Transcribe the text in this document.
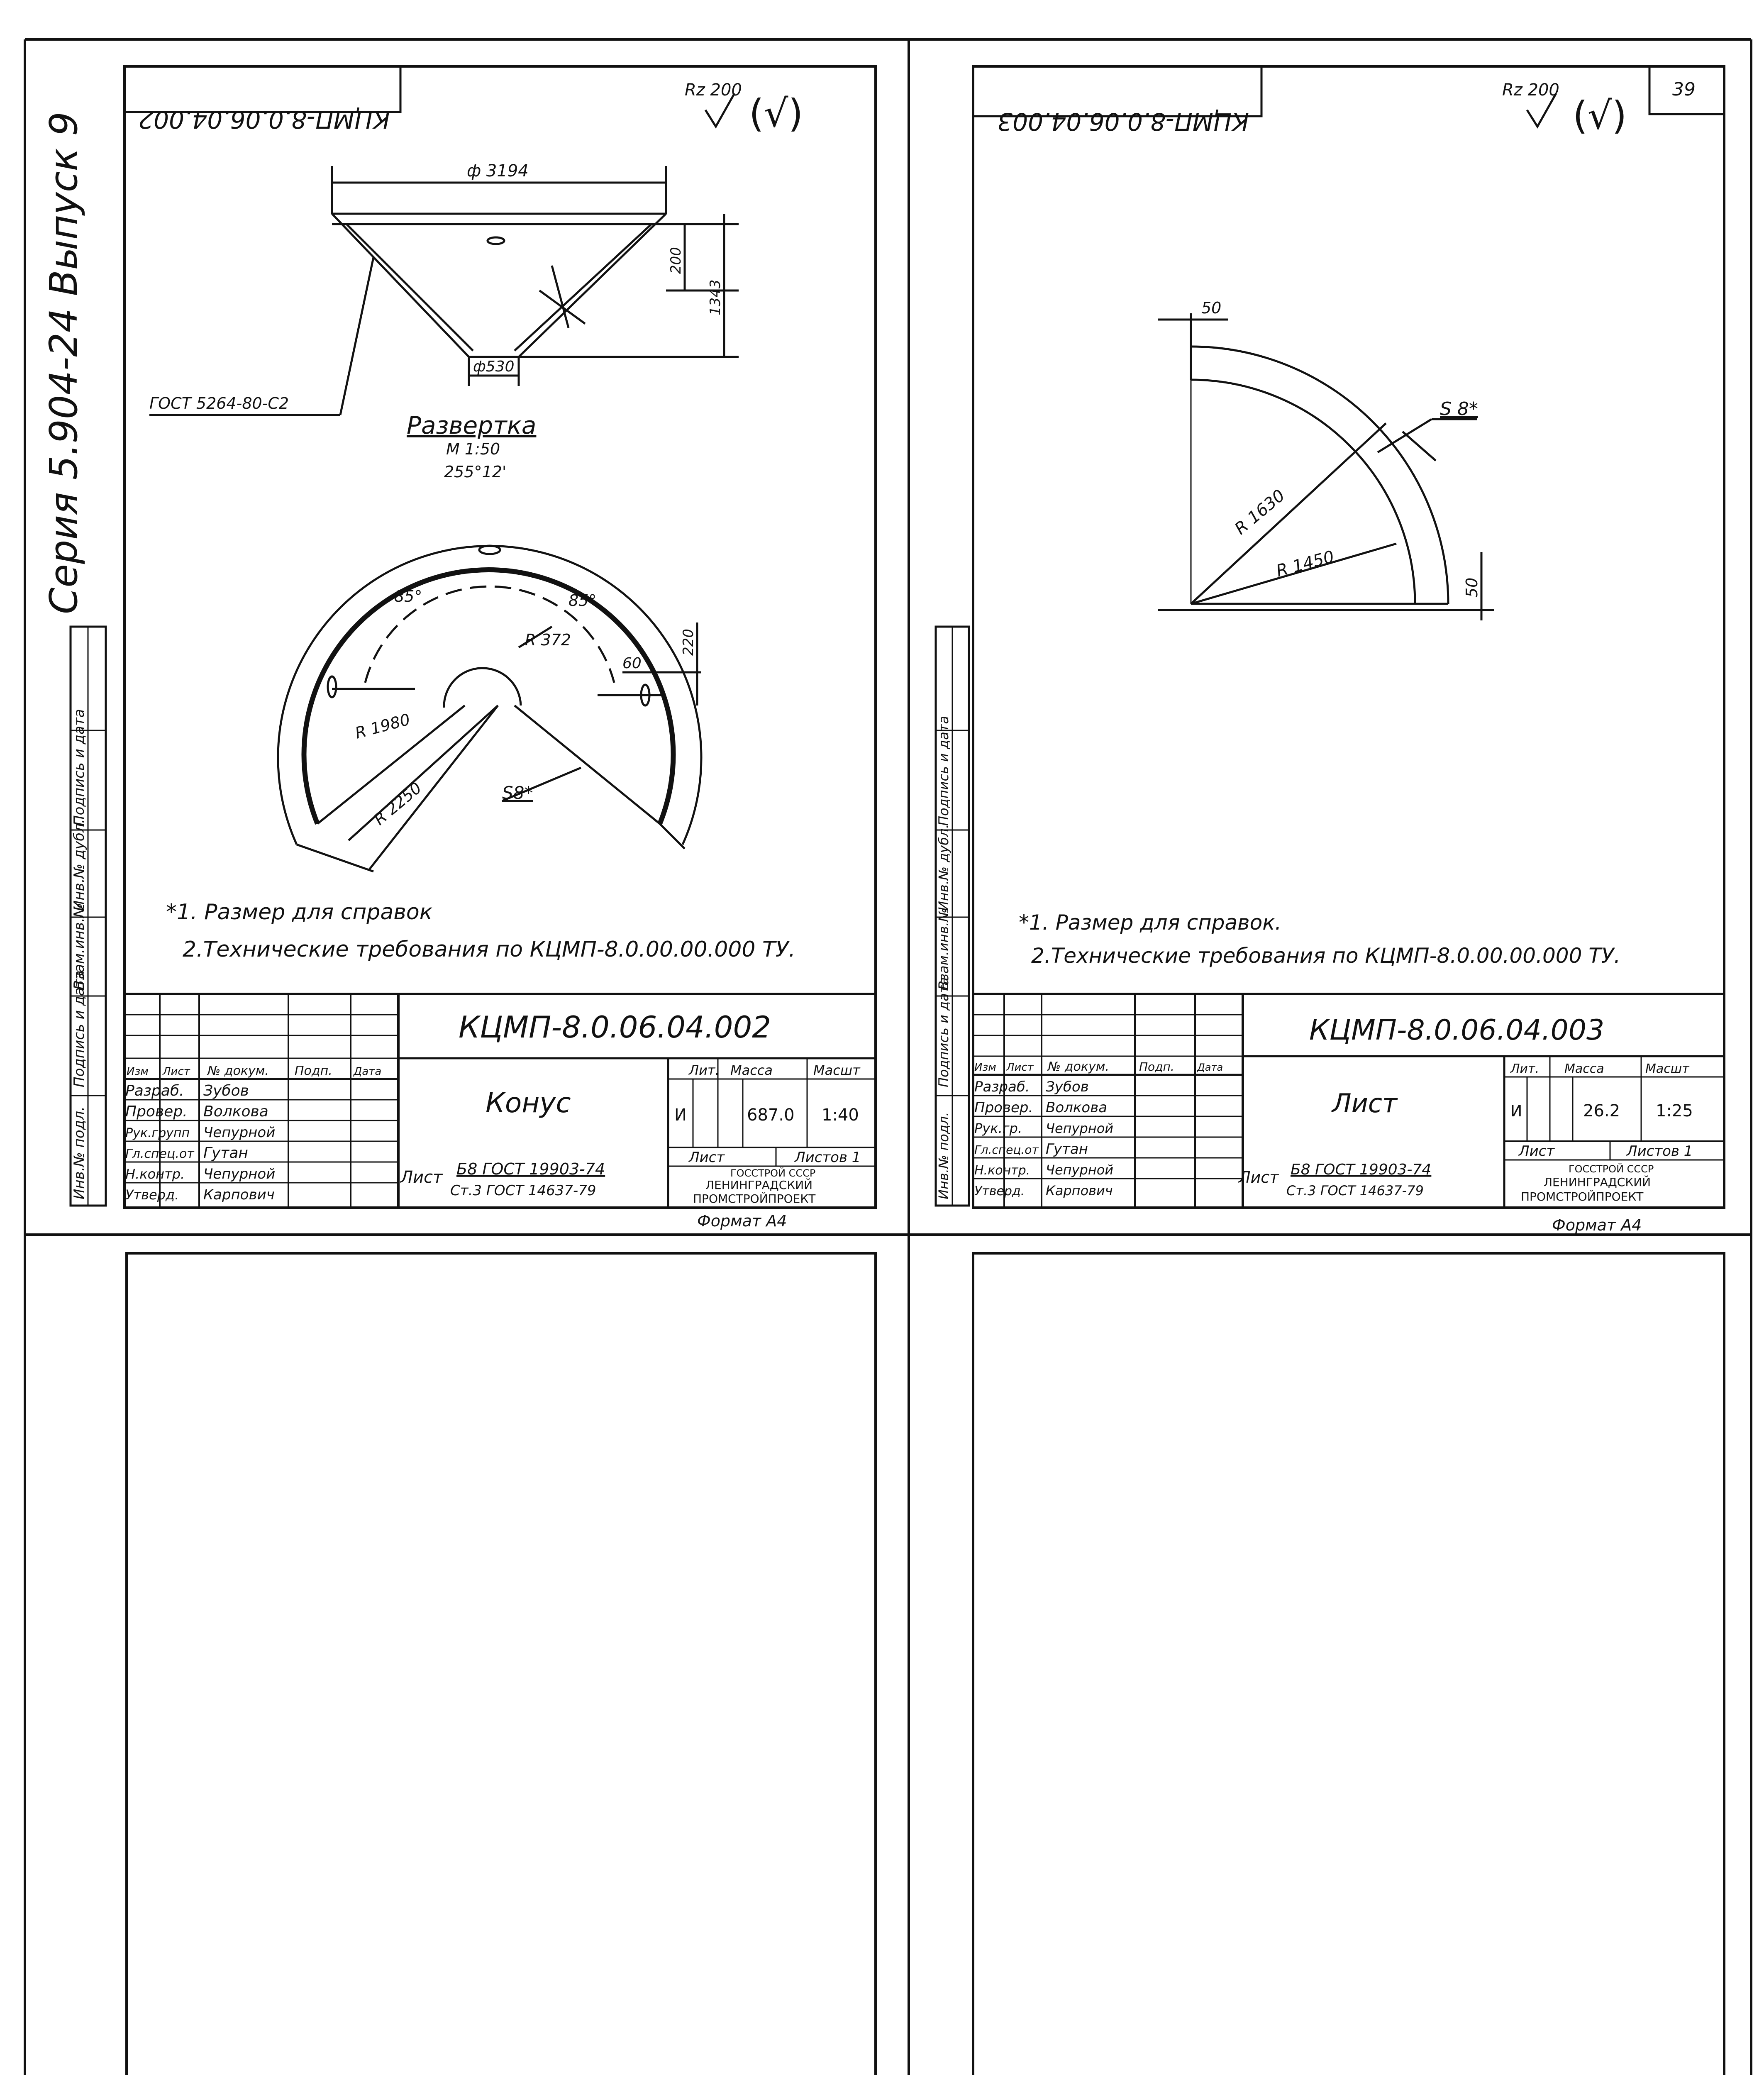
Серия 5.904-24 Выпуск 9
Инв.№ подл.
Подпись и дата
Взам.инв.№
Инв.№ дубл.
Подпись и дата
Инв.№ подл.
Подпись и дата
Взам.инв.№
Инв.№ дубл.
Подпись и дата
КЦМП-8.0.06.04.002
Rz 200
(√)
ф 3194
ф530
200
1343
ГОСТ 5264-80-С2
Развертка
М 1:50
255°12'
R 372
R 1980
R 2250
85°	85°
60
220
S8*
*1. Размер для справок
2.Технические требования по КЦМП-8.0.00.00.000 ТУ.
КЦМП-8.0.06.04.002
Изм Лист № докум. Подп. Дата
Разраб. Зубов
Провер. Волкова
Рук.групп Чепурной
Гл.спец.от Гутан
Н.контр. Чепурной
Утверд. Карпович
Конус
Лит. Масса	Масшт
И	687.0 1:40
Лист	Листов 1
Лист Б8 ГОСТ 19903-74
Ст.3 ГОСТ 14637-79
ГОССТРОЙ СССР
ЛЕНИНГРАДСКИЙ
ПРОМСТРОЙПРОЕКТ
Формат А4
КЦМП-8.0.06.04.003
39
Rz 200
(√)
50
50
R 1630
R 1450
S 8*
*1. Размер для справок.
2.Технические требования по КЦМП-8.0.00.00.000 ТУ.
КЦМП-8.0.06.04.003
Изм Лист № докум.	Подп. Дата
Разраб. Зубов
Провер. Волкова
Рук.гр. Чепурной
Гл.спец.от Гутан
Н.контр. Чепурной
Утверд. Карпович
Лист
Лит. Масса	Масшт
И	26.2 1:25
Лист	Листов 1
Лист Б8 ГОСТ 19903-74
Ст.3 ГОСТ 14637-79
ГОССТРОЙ СССР
ЛЕНИНГРАДСКИЙ
ПРОМСТРОЙПРОЕКТ
Формат А4
